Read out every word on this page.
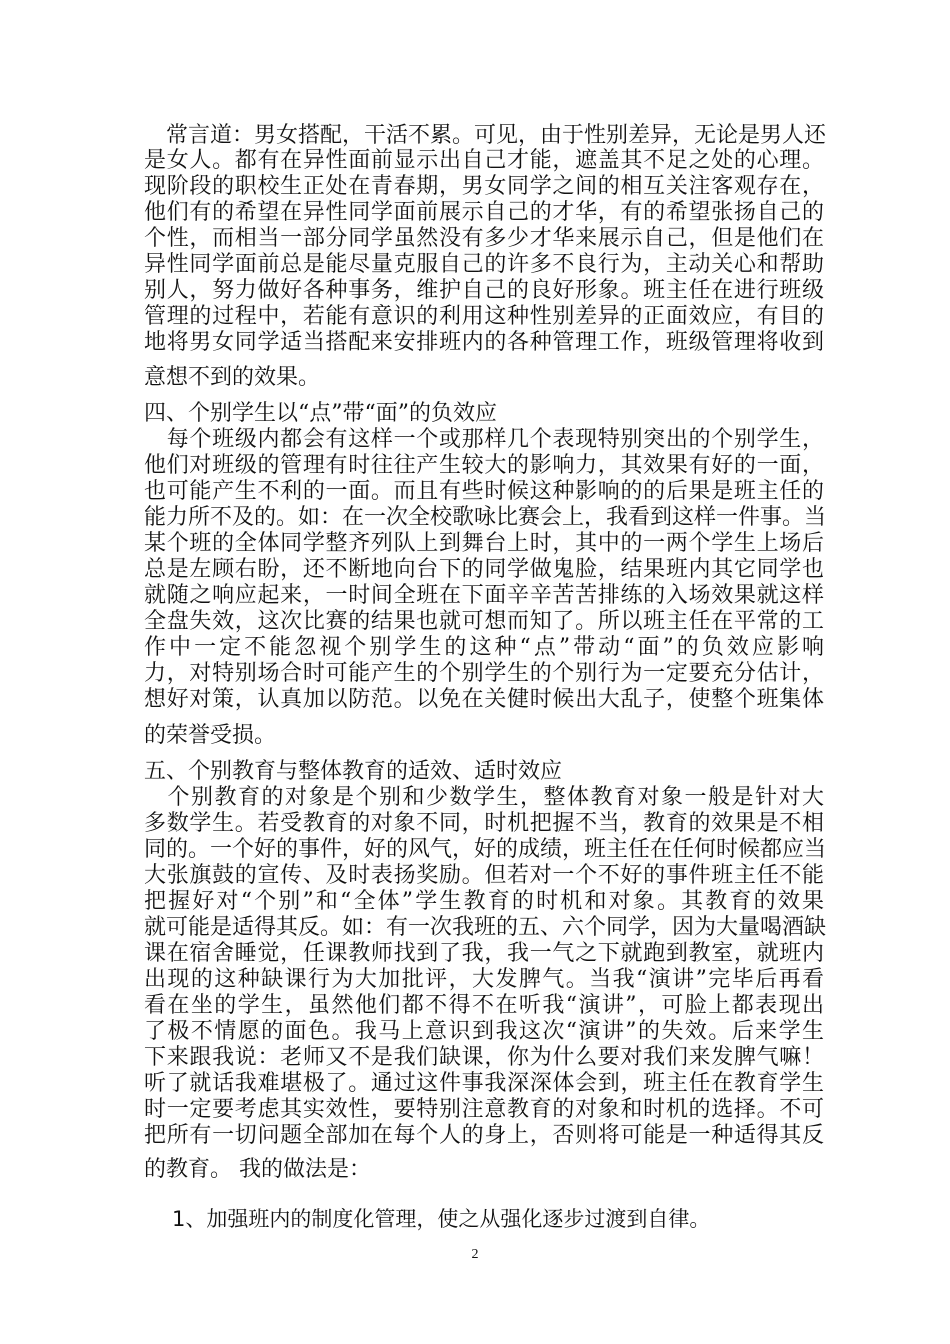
　常言道：男女搭配，干活不累。可见，由于性别差异，无论是男人还
是女人。都有在异性面前显示出自己才能，遮盖其不足之处的心理。
现阶段的职校生正处在青春期，男女同学之间的相互关注客观存在，
他们有的希望在异性同学面前展示自己的才华，有的希望张扬自己的
个性，而相当一部分同学虽然没有多少才华来展示自己，但是他们在
异性同学面前总是能尽量克服自己的许多不良行为，主动关心和帮助
别人，努力做好各种事务，维护自己的良好形象。班主任在进行班级
管理的过程中，若能有意识的利用这种性别差异的正面效应，有目的
地将男女同学适当搭配来安排班内的各种管理工作，班级管理将收到
意想不到的效果。
四、个别学生以“点”带“面”的负效应
　每个班级内都会有这样一个或那样几个表现特别突出的个别学生，
他们对班级的管理有时往往产生较大的影响力，其效果有好的一面，
也可能产生不利的一面。而且有些时候这种影响的的后果是班主任的
能力所不及的。如：在一次全校歌咏比赛会上，我看到这样一件事。当
某个班的全体同学整齐列队上到舞台上时，其中的一两个学生上场后
总是左顾右盼，还不断地向台下的同学做鬼脸，结果班内其它同学也
就随之响应起来，一时间全班在下面辛辛苦苦排练的入场效果就这样
全盘失效，这次比赛的结果也就可想而知了。所以班主任在平常的工
作中一定不能忽视个别学生的这种“点”带动“面”的负效应影响
力，对特别场合时可能产生的个别学生的个别行为一定要充分估计，
想好对策，认真加以防范。以免在关健时候出大乱子，使整个班集体
的荣誉受损。
五、个别教育与整体教育的适效、适时效应
　个别教育的对象是个别和少数学生，整体教育对象一般是针对大
多数学生。若受教育的对象不同，时机把握不当，教育的效果是不相
同的。一个好的事件，好的风气，好的成绩，班主任在任何时候都应当
大张旗鼓的宣传、及时表扬奖励。但若对一个不好的事件班主任不能
把握好对“个别”和“全体”学生教育的时机和对象。其教育的效果
就可能是适得其反。如：有一次我班的五、六个同学，因为大量喝酒缺
课在宿舍睡觉，任课教师找到了我，我一气之下就跑到教室，就班内
出现的这种缺课行为大加批评，大发脾气。当我“演讲”完毕后再看
看在坐的学生，虽然他们都不得不在听我“演讲”，可脸上都表现出
了极不情愿的面色。我马上意识到我这次“演讲”的失效。后来学生
下来跟我说：老师又不是我们缺课，你为什么要对我们来发脾气嘛！
听了就话我难堪极了。通过这件事我深深体会到，班主任在教育学生
时一定要考虑其实效性，要特别注意教育的对象和时机的选择。不可
把所有一切问题全部加在每个人的身上，否则将可能是一种适得其反
的教育。 我的做法是：
1、加强班内的制度化管理，使之从强化逐步过渡到自律。
2
